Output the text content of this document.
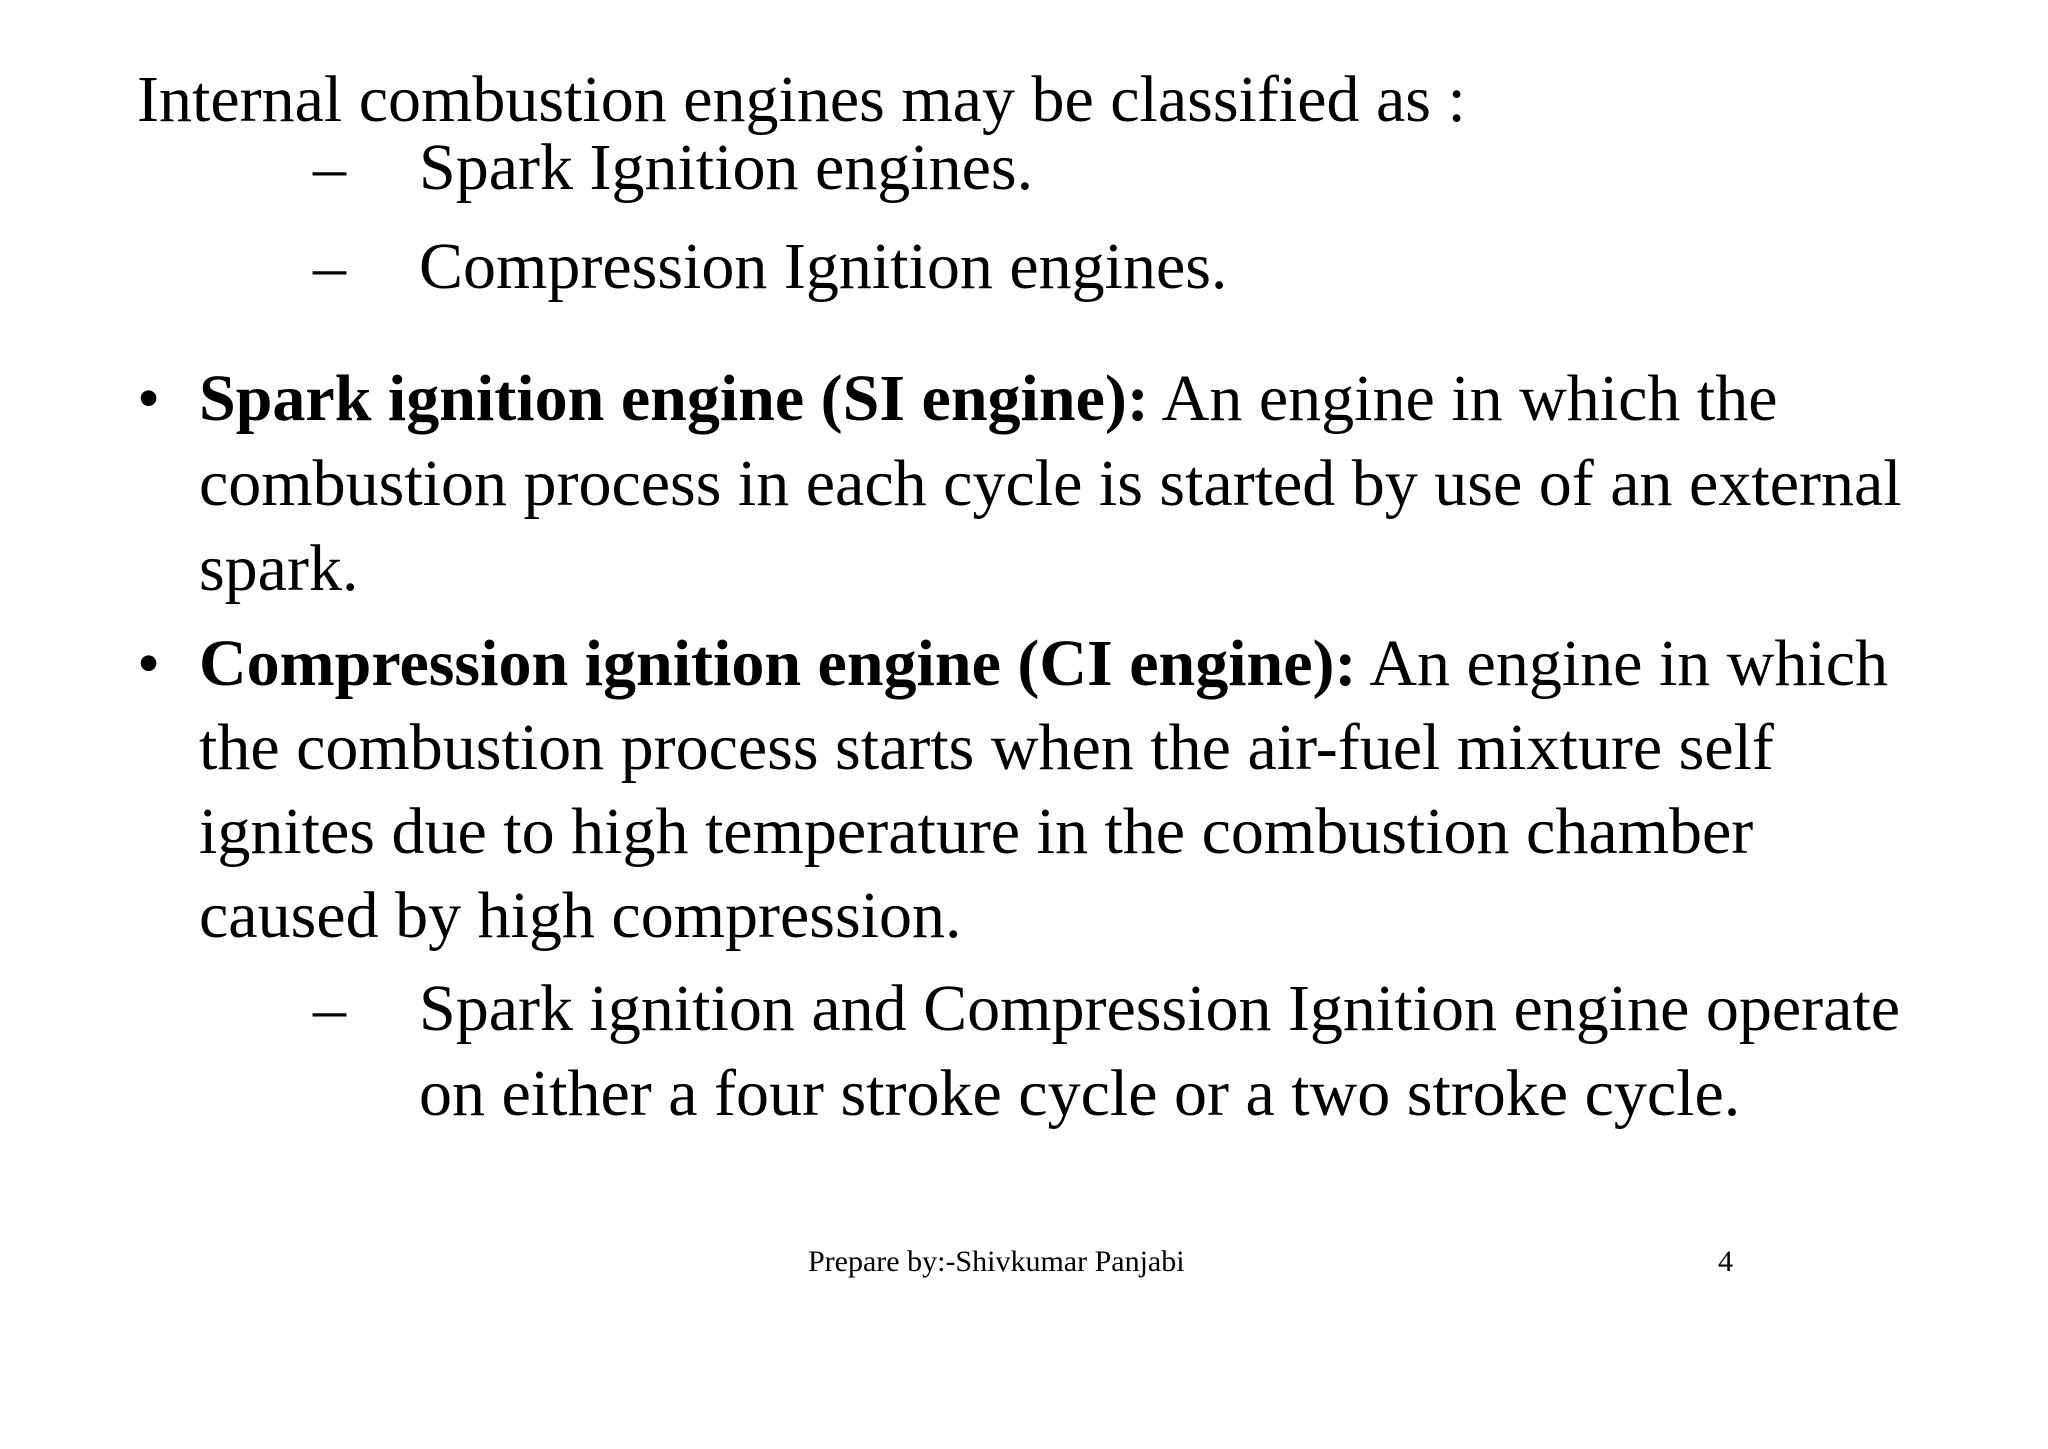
Internal combustion engines may be classified as :
– Spark Ignition engines.
– Compression Ignition engines.
• Spark ignition engine (SI engine): An engine in which the
combustion process in each cycle is started by use of an external
spark.
• Compression ignition engine (CI engine): An engine in which
the combustion process starts when the air-fuel mixture self
ignites due to high temperature in the combustion chamber
caused by high compression.
– Spark ignition and Compression Ignition engine operate
on either a four stroke cycle or a two stroke cycle.
Prepare by:-Shivkumar Panjabi	4
